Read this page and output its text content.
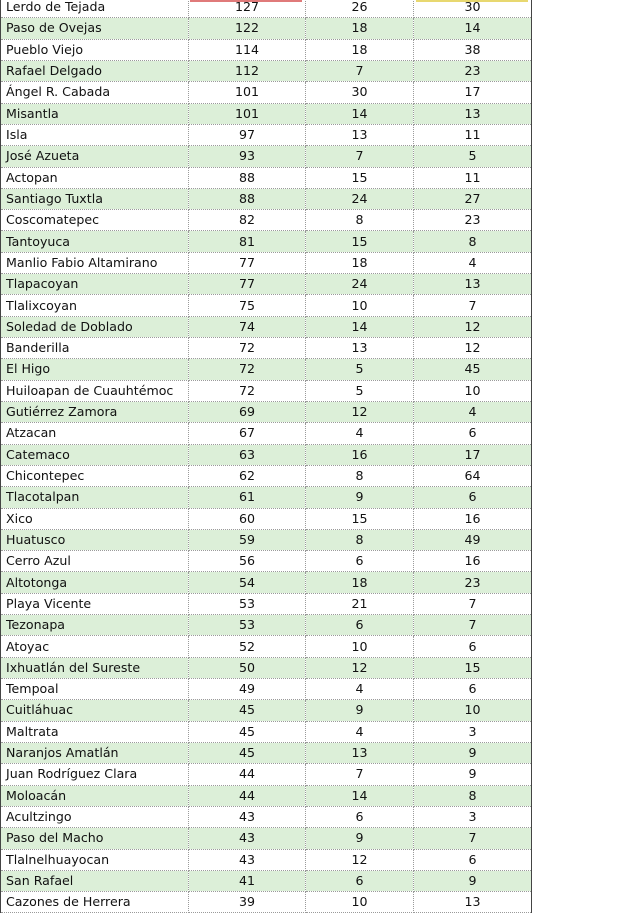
Lerdo de Tejada	127	26	30
Paso de Ovejas	122	18	14
Pueblo Viejo	114	18	38
Rafael Delgado	112	7	23
Ángel R. Cabada	101	30	17
Misantla	101	14	13
Isla	97	13	11
José Azueta	93	7	5
Actopan	88	15	11
Santiago Tuxtla	88	24	27
Coscomatepec	82	8	23
Tantoyuca	81	15	8
Manlio Fabio Altamirano	77	18	4
Tlapacoyan	77	24	13
Tlalixcoyan	75	10	7
Soledad de Doblado	74	14	12
Banderilla	72	13	12
El Higo	72	5	45
Huiloapan de Cuauhtémoc	72	5	10
Gutiérrez Zamora	69	12	4
Atzacan	67	4	6
Catemaco	63	16	17
Chicontepec	62	8	64
Tlacotalpan	61	9	6
Xico	60	15	16
Huatusco	59	8	49
Cerro Azul	56	6	16
Altotonga	54	18	23
Playa Vicente	53	21	7
Tezonapa	53	6	7
Atoyac	52	10	6
Ixhuatlán del Sureste	50	12	15
Tempoal	49	4	6
Cuitláhuac	45	9	10
Maltrata	45	4	3
Naranjos Amatlán	45	13	9
Juan Rodríguez Clara	44	7	9
Moloacán	44	14	8
Acultzingo	43	6	3
Paso del Macho	43	9	7
Tlalnelhuayocan	43	12	6
San Rafael	41	6	9
Cazones de Herrera	39	10	13
